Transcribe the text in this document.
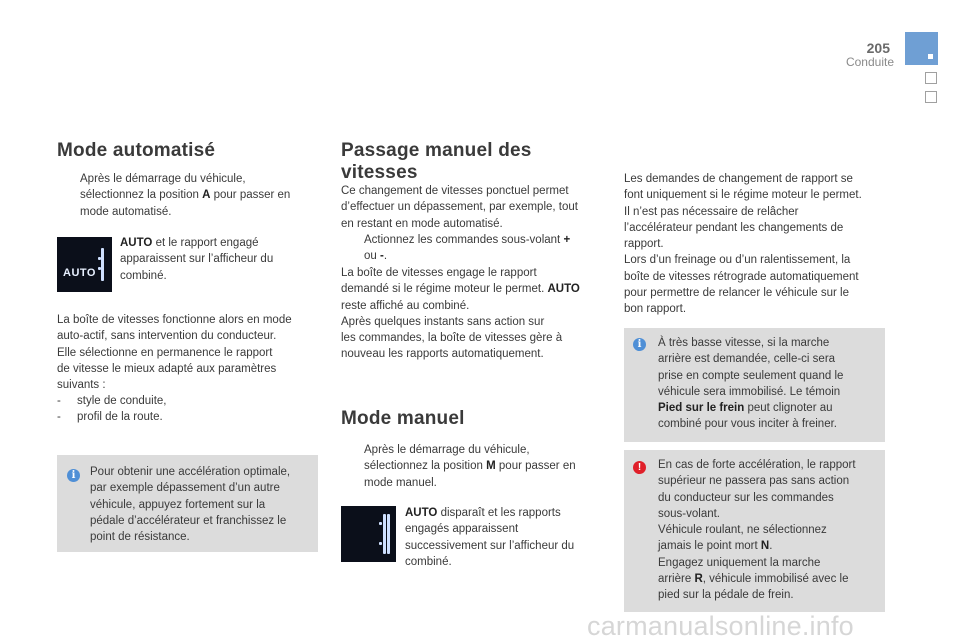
205
Conduite
Mode automatisé
Après le démarrage du véhicule,
sélectionnez la position A pour passer en
mode automatisé.
AUTO
AUTO et le rapport engagé
apparaissent sur l’afficheur du
combiné.
La boîte de vitesses fonctionne alors en mode
auto-actif, sans intervention du conducteur.
Elle sélectionne en permanence le rapport
de vitesse le mieux adapté aux paramètres
suivants :
- style de conduite,
- profil de la route.
i	Pour obtenir une accélération optimale,
par exemple dépassement d’un autre
véhicule, appuyez fortement sur la
pédale d’accélérateur et franchissez le
point de résistance.
Passage manuel des
vitesses
Ce changement de vitesses ponctuel permet
d’effectuer un dépassement, par exemple, tout
en restant en mode automatisé.
Actionnez les commandes sous-volant +
ou -.
La boîte de vitesses engage le rapport
demandé si le régime moteur le permet. AUTO
reste affiché au combiné.
Après quelques instants sans action sur
les commandes, la boîte de vitesses gère à
nouveau les rapports automatiquement.
Mode manuel
Après le démarrage du véhicule,
sélectionnez la position M pour passer en
mode manuel.
AUTO disparaît et les rapports
engagés apparaissent
successivement sur l’afficheur du
combiné.
Les demandes de changement de rapport se
font uniquement si le régime moteur le permet.
Il n’est pas nécessaire de relâcher
l’accélérateur pendant les changements de
rapport.
Lors d’un freinage ou d’un ralentissement, la
boîte de vitesses rétrograde automatiquement
pour permettre de relancer le véhicule sur le
bon rapport.
i	À très basse vitesse, si la marche
arrière est demandée, celle-ci sera
prise en compte seulement quand le
véhicule sera immobilisé. Le témoin
Pied sur le frein peut clignoter au
combiné pour vous inciter à freiner.
!	En cas de forte accélération, le rapport
supérieur ne passera pas sans action
du conducteur sur les commandes
sous-volant.
Véhicule roulant, ne sélectionnez
jamais le point mort N.
Engagez uniquement la marche
arrière R, véhicule immobilisé avec le
pied sur la pédale de frein.
carmanualsonline.info
